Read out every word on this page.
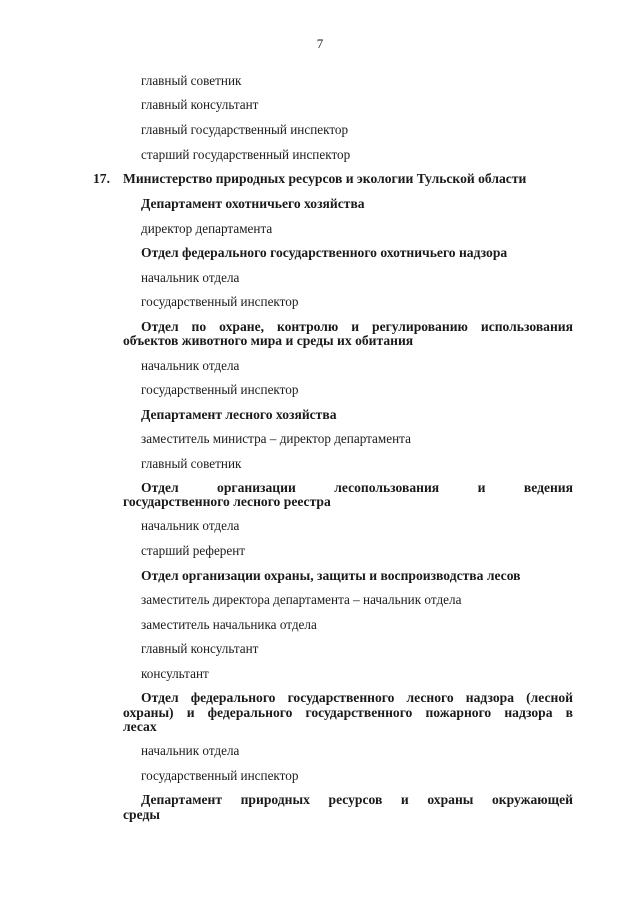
7
главный советник
главный консультант
главный государственный инспектор
старший государственный инспектор
17. Министерство природных ресурсов и экологии Тульской области
Департамент охотничьего хозяйства
директор департамента
Отдел федерального государственного охотничьего надзора
начальник отдела
государственный инспектор
Отдел по охране, контролю и регулированию использования
объектов животного мира и среды их обитания
начальник отдела
государственный инспектор
Департамент лесного хозяйства
заместитель министра – директор департамента
главный советник
Отдел организации лесопользования и ведения
государственного лесного реестра
начальник отдела
старший референт
Отдел организации охраны, защиты и воспроизводства лесов
заместитель директора департамента – начальник отдела
заместитель начальника отдела
главный консультант
консультант
Отдел федерального государственного лесного надзора (лесной
охраны) и федерального государственного пожарного надзора в
лесах
начальник отдела
государственный инспектор
Департамент природных ресурсов и охраны окружающей
среды
